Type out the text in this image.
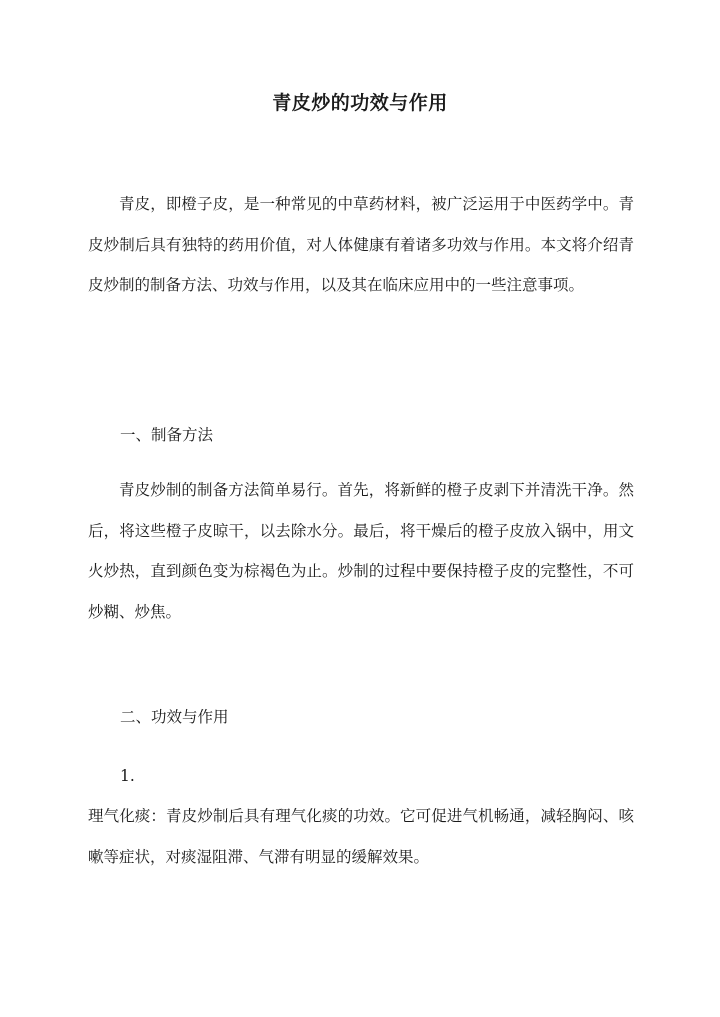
青皮炒的功效与作用

青皮，即橙子皮，是一种常见的中草药材料，被广泛运用于中医药学中。青皮炒制后具有独特的药用价值，对人体健康有着诸多功效与作用。本文将介绍青皮炒制的制备方法、功效与作用，以及其在临床应用中的一些注意事项。

一、制备方法

青皮炒制的制备方法简单易行。首先，将新鲜的橙子皮剥下并清洗干净。然后，将这些橙子皮晾干，以去除水分。最后，将干燥后的橙子皮放入锅中，用文火炒热，直到颜色变为棕褐色为止。炒制的过程中要保持橙子皮的完整性，不可炒糊、炒焦。

二、功效与作用

1.

理气化痰：青皮炒制后具有理气化痰的功效。它可促进气机畅通，减轻胸闷、咳嗽等症状，对痰湿阻滞、气滞有明显的缓解效果。
